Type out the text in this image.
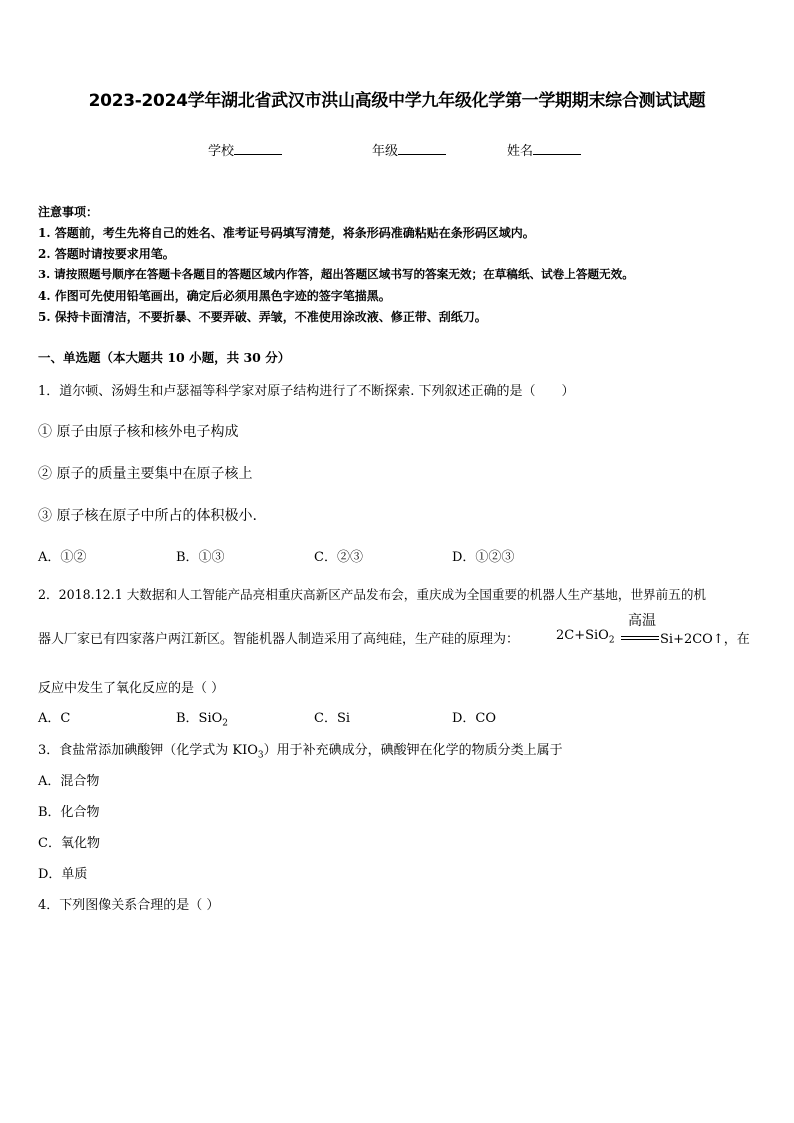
2023-2024学年湖北省武汉市洪山高级中学九年级化学第一学期期末综合测试试题
学校	年级	姓名
注意事项：
1. 答题前，考生先将自己的姓名、准考证号码填写清楚，将条形码准确粘贴在条形码区域内。
2. 答题时请按要求用笔。
3. 请按照题号顺序在答题卡各题目的答题区域内作答，超出答题区域书写的答案无效；在草稿纸、试卷上答题无效。
4. 作图可先使用铅笔画出，确定后必须用黑色字迹的签字笔描黑。
5. 保持卡面清洁，不要折暴、不要弄破、弄皱，不准使用涂改液、修正带、刮纸刀。
一、单选题（本大题共 10 小题，共 30 分）
1．道尔顿、汤姆生和卢瑟福等科学家对原子结构进行了不断探索. 下列叙述正确的是（　　）
① 原子由原子核和核外电子构成
② 原子的质量主要集中在原子核上
③ 原子核在原子中所占的体积极小.
A．①②	B．①③	C．②③	D．①②③
2．2018.12.1 大数据和人工智能产品亮相重庆高新区产品发布会，重庆成为全国重要的机器人生产基地，世界前五的机
器人厂家已有四家落户两江新区。智能机器人制造采用了高纯硅，生产硅的原理为：	2C+SiO$_2$
高温
Si+2CO↑，在
反应中发生了氧化反应的是（ ）
A．C	B．SiO$_2$	C．Si	D．CO
3．食盐常添加碘酸钾（化学式为 $KIO_3$）用于补充碘成分，碘酸钾在化学的物质分类上属于
A．混合物
B．化合物
C．氧化物
D．单质
4．下列图像关系合理的是（ ）
